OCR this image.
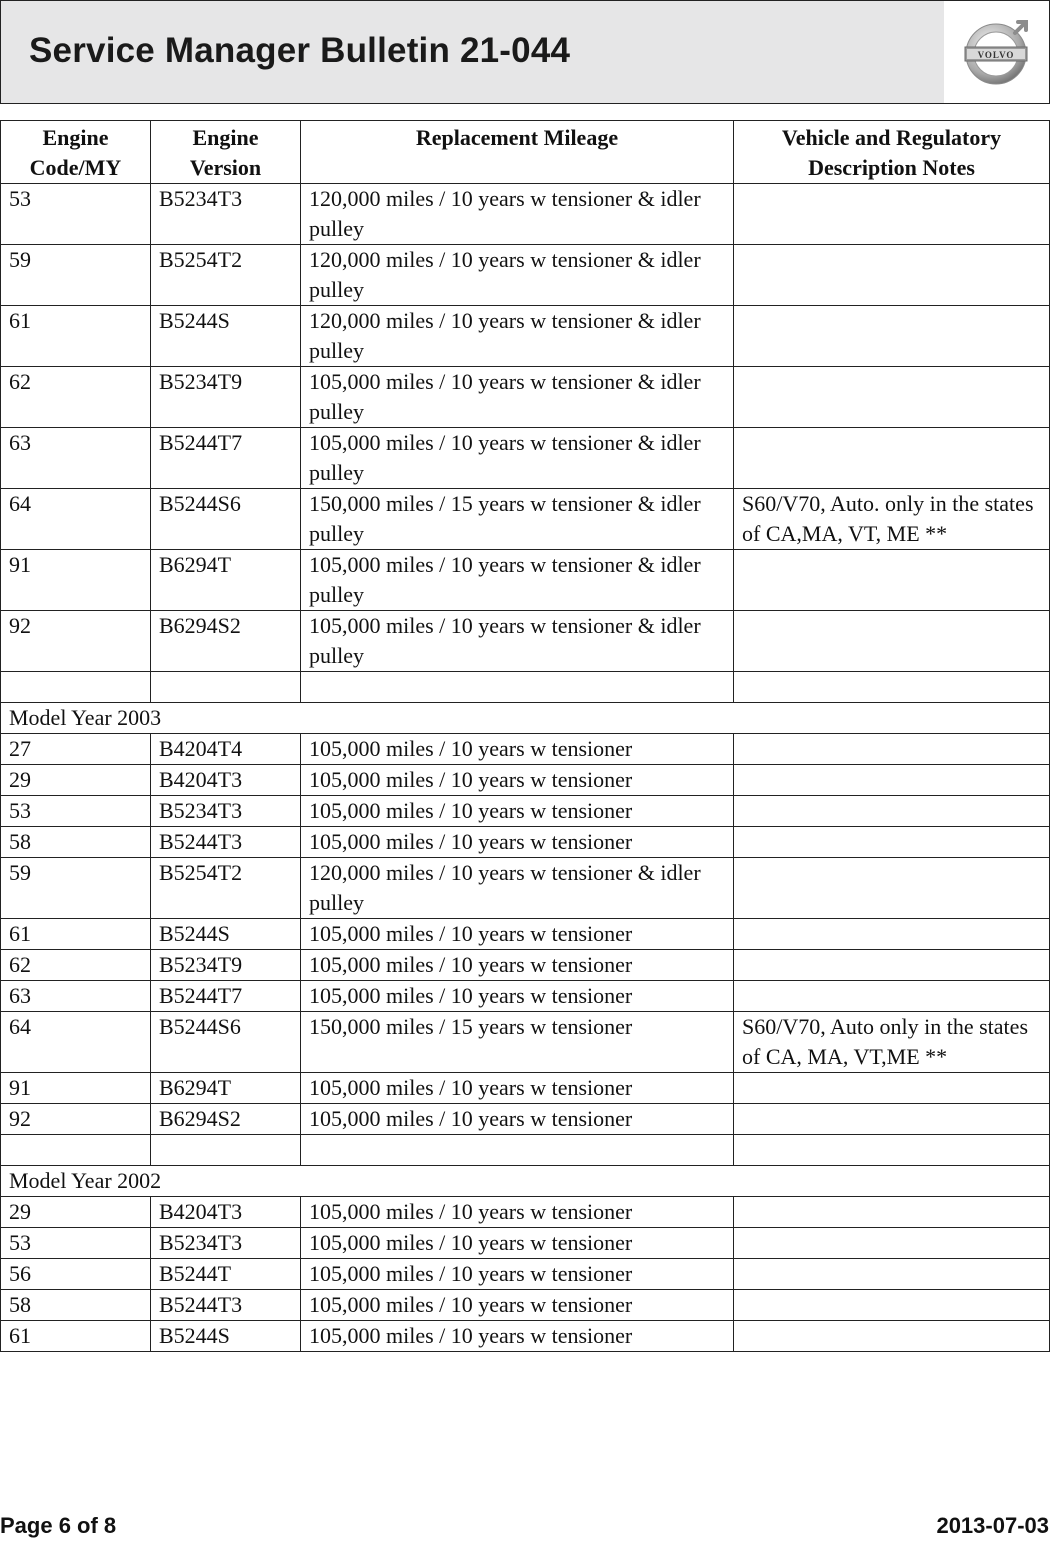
Service Manager Bulletin 21-044	VOLVO
Engine Code/MY	Engine Version	Replacement Mileage	Vehicle and Regulatory Description Notes
53	B5234T3	120,000 miles / 10 years w tensioner & idler pulley	
59	B5254T2	120,000 miles / 10 years w tensioner & idler pulley	
61	B5244S	120,000 miles / 10 years w tensioner & idler pulley	
62	B5234T9	105,000 miles / 10 years w tensioner & idler pulley	
63	B5244T7	105,000 miles / 10 years w tensioner & idler pulley	
64	B5244S6	150,000 miles / 15 years w tensioner & idler pulley	S60/V70, Auto. only in the states of CA,MA, VT, ME **
91	B6294T	105,000 miles / 10 years w tensioner & idler pulley	
92	B6294S2	105,000 miles / 10 years w tensioner & idler pulley	

Model Year 2003			
27	B4204T4	105,000 miles / 10 years w tensioner	
29	B4204T3	105,000 miles / 10 years w tensioner	
53	B5234T3	105,000 miles / 10 years w tensioner	
58	B5244T3	105,000 miles / 10 years w tensioner	
59	B5254T2	120,000 miles / 10 years w tensioner & idler pulley	
61	B5244S	105,000 miles / 10 years w tensioner	
62	B5234T9	105,000 miles / 10 years w tensioner	
63	B5244T7	105,000 miles / 10 years w tensioner	
64	B5244S6	150,000 miles / 15 years w tensioner	S60/V70, Auto only in the states of CA, MA, VT,ME **
91	B6294T	105,000 miles / 10 years w tensioner	
92	B6294S2	105,000 miles / 10 years w tensioner	

Model Year 2002			
29	B4204T3	105,000 miles / 10 years w tensioner	
53	B5234T3	105,000 miles / 10 years w tensioner	
56	B5244T	105,000 miles / 10 years w tensioner	
58	B5244T3	105,000 miles / 10 years w tensioner	
61	B5244S	105,000 miles / 10 years w tensioner	
Page 6 of 8	2013-07-03
